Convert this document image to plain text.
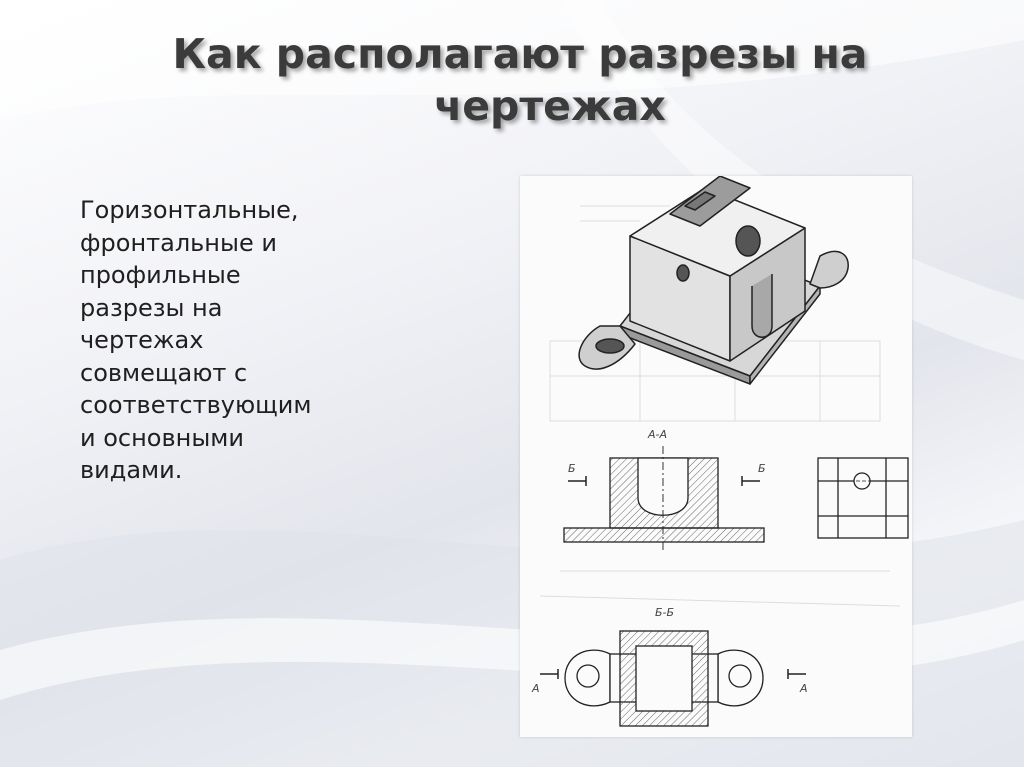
Как располагают разрезы на
чертежах

Горизонтальные,
фронтальные и
профильные
разрезы на
чертежах
совмещают с
соответствующим
и основными
видами.

А-А
Б	Б
Б-Б
А	А
